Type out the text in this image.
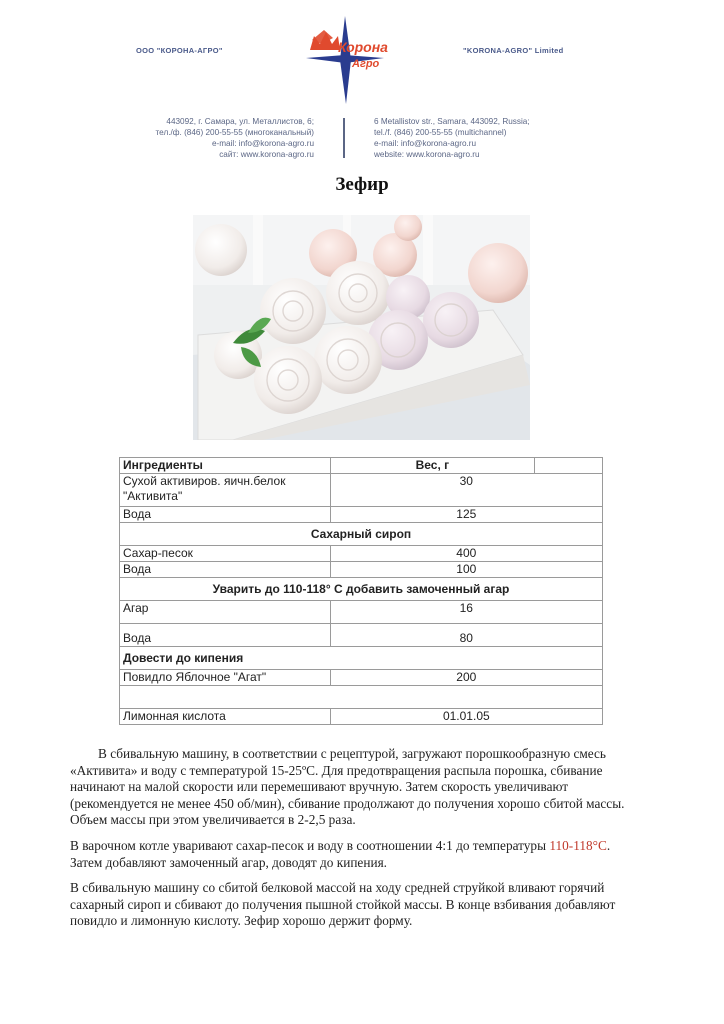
ООО "КОРОНА-АГРО"	"KORONA-AGRO" Limited
Корона
Агро
443092, г. Самара, ул. Металлистов, 6;
тел./ф. (846) 200-55-55 (многоканальный)
e-mail: info@korona-agro.ru
сайт: www.korona-agro.ru
6 Metallistov str., Samara, 443092, Russia;
tel./f. (846) 200-55-55 (multichannel)
e-mail: info@korona-agro.ru
website: www.korona-agro.ru
Зефир
Ингредиенты	Вес, г	
Сухой активиров. яичн.белок "Активита"	30	
Вода	125	
Сахарный сироп		
Сахар-песок	400	
Вода	100	
Уварить до 110-118° С добавить замоченный агар		
Агар	16	
Вода	80	
Довести до кипения		
Повидло Яблочное "Агат"	200	

Лимонная кислота	01.01.05	
В сбивальную машину, в соответствии с рецептурой, загружают порошкообразную смесь «Активита» и воду с температурой 15-25ºС. Для предотвращения распыла порошка, сбивание начинают на малой скорости или перемешивают вручную. Затем скорость увеличивают (рекомендуется не менее 450 об/мин), сбивание продолжают до получения хорошо сбитой массы. Объем массы при этом увеличивается в 2-2,5 раза.
В варочном котле уваривают сахар-песок и воду в соотношении 4:1 до температуры 110-118°С. Затем добавляют замоченный агар, доводят до кипения.
В сбивальную машину со сбитой белковой массой на ходу средней струйкой вливают горячий сахарный сироп и сбивают до получения пышной стойкой массы. В конце взбивания добавляют повидло и лимонную кислоту. Зефир хорошо держит форму.
